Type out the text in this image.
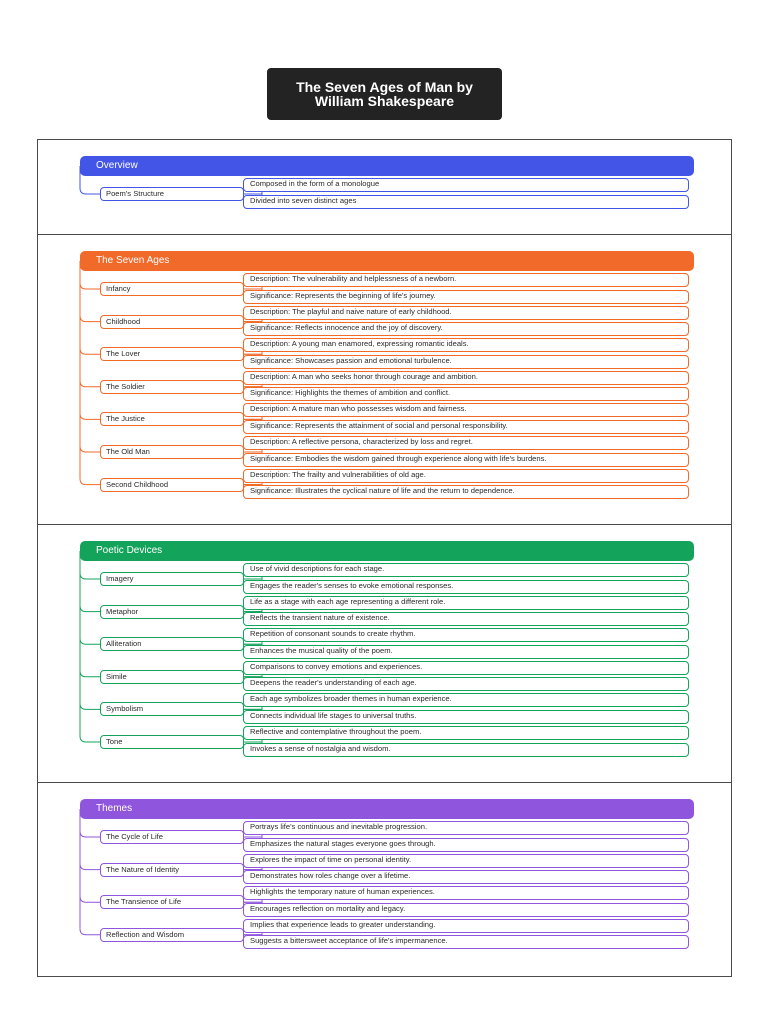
The Seven Ages of Man by William Shakespeare
Overview
Poem's Structure
Composed in the form of a monologue
Divided into seven distinct ages
The Seven Ages
Infancy
Description: The vulnerability and helplessness of a newborn.
Significance: Represents the beginning of life's journey.
Childhood
Description: The playful and naive nature of early childhood.
Significance: Reflects innocence and the joy of discovery.
The Lover
Description: A young man enamored, expressing romantic ideals.
Significance: Showcases passion and emotional turbulence.
The Soldier
Description: A man who seeks honor through courage and ambition.
Significance: Highlights the themes of ambition and conflict.
The Justice
Description: A mature man who possesses wisdom and fairness.
Significance: Represents the attainment of social and personal responsibility.
The Old Man
Description: A reflective persona, characterized by loss and regret.
Significance: Embodies the wisdom gained through experience along with life's burdens.
Second Childhood
Description: The frailty and vulnerabilities of old age.
Significance: Illustrates the cyclical nature of life and the return to dependence.
Poetic Devices
Imagery
Use of vivid descriptions for each stage.
Engages the reader's senses to evoke emotional responses.
Metaphor
Life as a stage with each age representing a different role.
Reflects the transient nature of existence.
Alliteration
Repetition of consonant sounds to create rhythm.
Enhances the musical quality of the poem.
Simile
Comparisons to convey emotions and experiences.
Deepens the reader's understanding of each age.
Symbolism
Each age symbolizes broader themes in human experience.
Connects individual life stages to universal truths.
Tone
Reflective and contemplative throughout the poem.
Invokes a sense of nostalgia and wisdom.
Themes
The Cycle of Life
Portrays life's continuous and inevitable progression.
Emphasizes the natural stages everyone goes through.
The Nature of Identity
Explores the impact of time on personal identity.
Demonstrates how roles change over a lifetime.
The Transience of Life
Highlights the temporary nature of human experiences.
Encourages reflection on mortality and legacy.
Reflection and Wisdom
Implies that experience leads to greater understanding.
Suggests a bittersweet acceptance of life's impermanence.
